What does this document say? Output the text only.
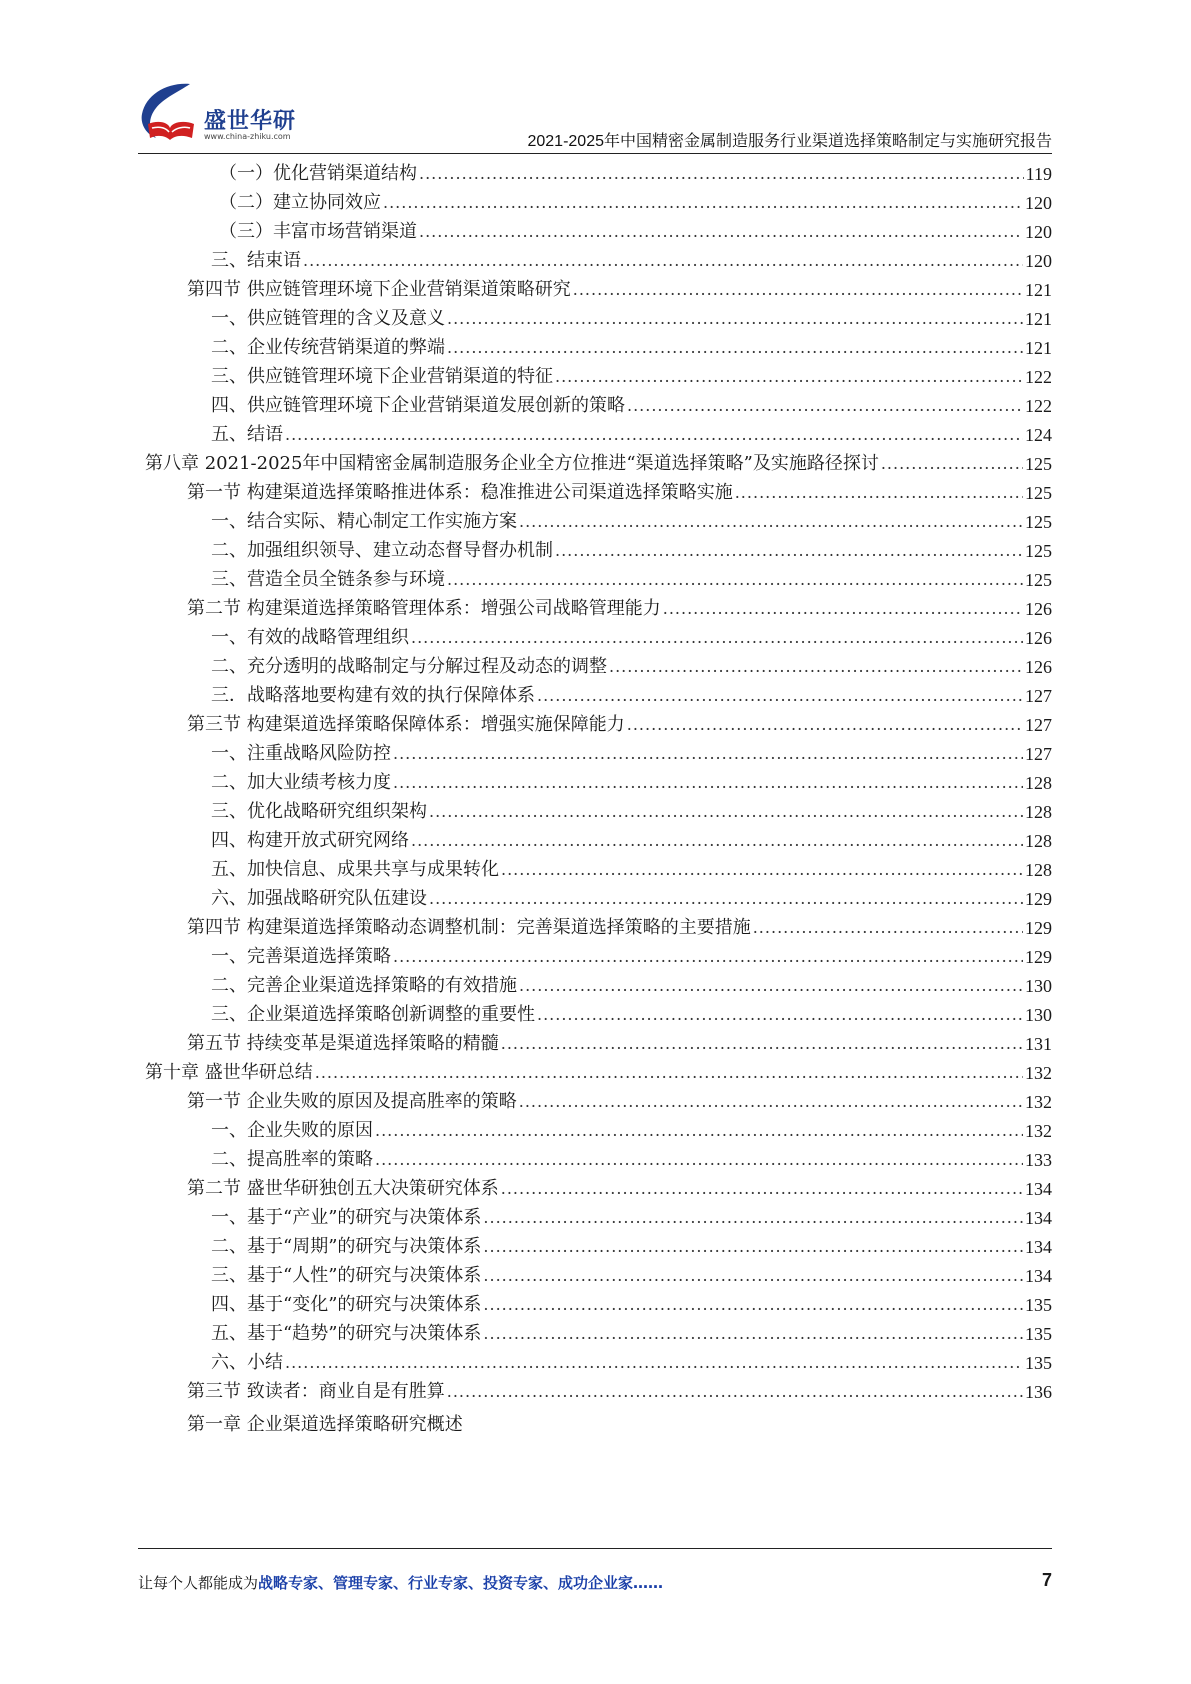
盛世华研
www.china-zhiku.com	2021-2025年中国精密金属制造服务行业渠道选择策略制定与实施研究报告
（一）优化营销渠道结构 .....	119
（二）建立协同效应 .....	120
（三）丰富市场营销渠道 .....	120
三、结束语 .....	120
第四节 供应链管理环境下企业营销渠道策略研究 .....	121
一、供应链管理的含义及意义 .....	121
二、企业传统营销渠道的弊端 .....	121
三、供应链管理环境下企业营销渠道的特征 .....	122
四、供应链管理环境下企业营销渠道发展创新的策略 .....	122
五、结语 .....	124
第八章 2021-2025年中国精密金属制造服务企业全方位推进“渠道选择策略”及实施路径探讨 .....	125
第一节 构建渠道选择策略推进体系：稳准推进公司渠道选择策略实施 .....	125
一、结合实际、精心制定工作实施方案 .....	125
二、加强组织领导、建立动态督导督办机制 .....	125
三、营造全员全链条参与环境 .....	125
第二节 构建渠道选择策略管理体系：增强公司战略管理能力 .....	126
一、有效的战略管理组织 .....	126
二、充分透明的战略制定与分解过程及动态的调整 .....	126
三．战略落地要构建有效的执行保障体系 .....	127
第三节 构建渠道选择策略保障体系：增强实施保障能力 .....	127
一、注重战略风险防控 .....	127
二、加大业绩考核力度 .....	128
三、优化战略研究组织架构 .....	128
四、构建开放式研究网络 .....	128
五、加快信息、成果共享与成果转化 .....	128
六、加强战略研究队伍建设 .....	129
第四节 构建渠道选择策略动态调整机制：完善渠道选择策略的主要措施 .....	129
一、完善渠道选择策略 .....	129
二、完善企业渠道选择策略的有效措施 .....	130
三、企业渠道选择策略创新调整的重要性 .....	130
第五节 持续变革是渠道选择策略的精髓 .....	131
第十章 盛世华研总结 .....	132
第一节 企业失败的原因及提高胜率的策略 .....	132
一、企业失败的原因 .....	132
二、提高胜率的策略 .....	133
第二节 盛世华研独创五大决策研究体系 .....	134
一、基于“产业”的研究与决策体系 .....	134
二、基于“周期”的研究与决策体系 .....	134
三、基于“人性”的研究与决策体系 .....	134
四、基于“变化”的研究与决策体系 .....	135
五、基于“趋势”的研究与决策体系 .....	135
六、小结 .....	135
第三节 致读者：商业自是有胜算 .....	136
第一章 企业渠道选择策略研究概述
让每个人都能成为战略专家、管理专家、行业专家、投资专家、成功企业家……	7
